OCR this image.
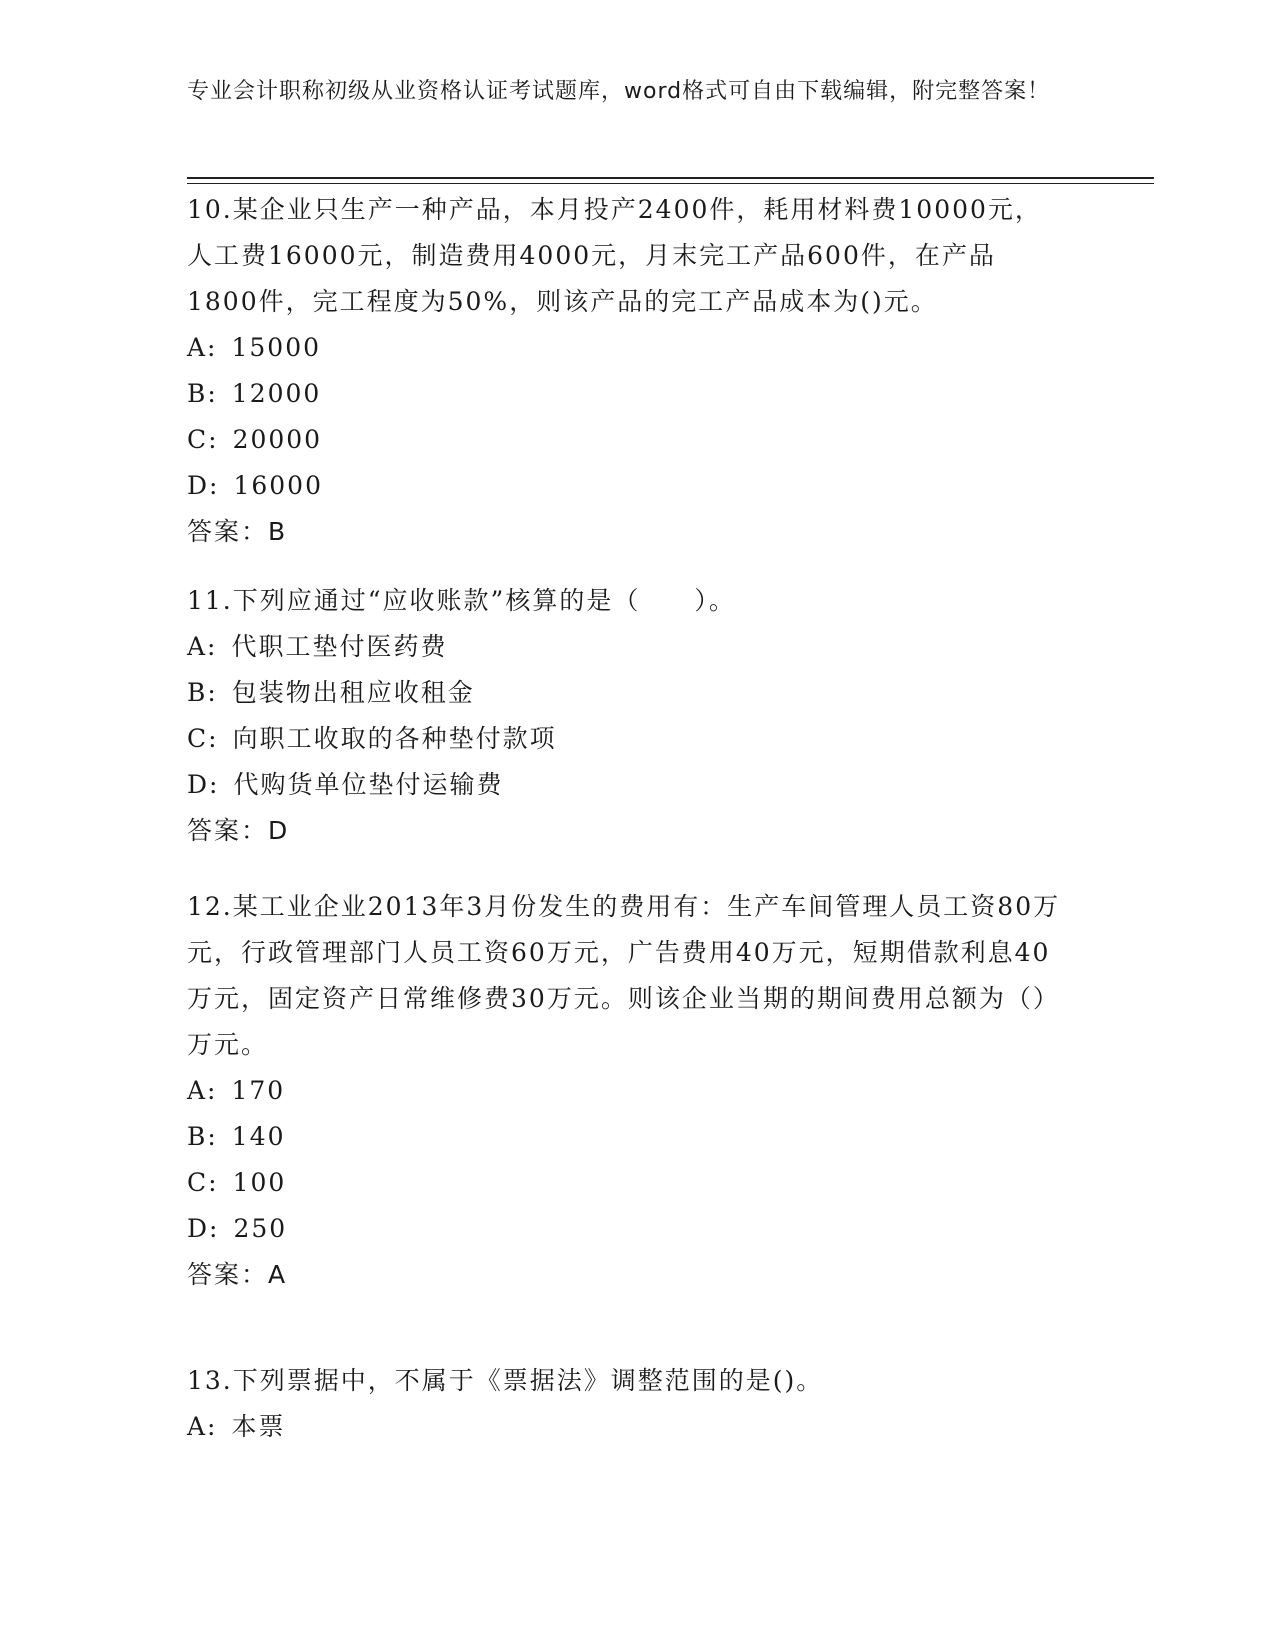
专业会计职称初级从业资格认证考试题库，word格式可自由下载编辑，附完整答案！

10.某企业只生产一种产品，本月投产2400件，耗用材料费10000元，人工费16000元，制造费用4000元，月末完工产品600件，在产品1800件，完工程度为50%，则该产品的完工产品成本为()元。

A: 15000

B: 12000

C: 20000

D: 16000

答案：B

11.下列应通过“应收账款”核算的是（　　）。

A: 代职工垫付医药费

B: 包装物出租应收租金

C: 向职工收取的各种垫付款项

D: 代购货单位垫付运输费

答案：D

12.某工业企业2013年3月份发生的费用有：生产车间管理人员工资80万元，行政管理部门人员工资60万元，广告费用40万元，短期借款利息40万元，固定资产日常维修费30万元。则该企业当期的期间费用总额为（）万元。

A: 170

B: 140

C: 100

D: 250

答案：A

13.下列票据中，不属于《票据法》调整范围的是()。

A: 本票
